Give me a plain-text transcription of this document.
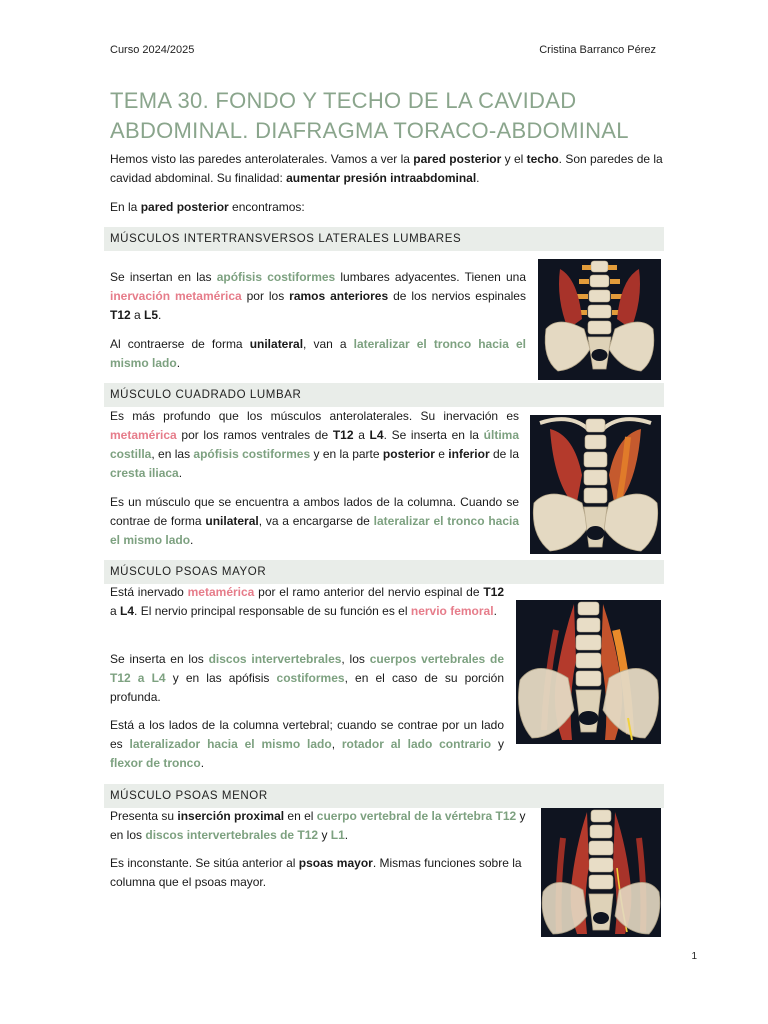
Curso 2024/2025	Cristina Barranco Pérez
TEMA 30. FONDO Y TECHO DE LA CAVIDAD
ABDOMINAL. DIAFRAGMA TORACO-ABDOMINAL
Hemos visto las paredes anterolaterales. Vamos a ver la pared posterior y el techo. Son paredes de la cavidad abdominal. Su finalidad: aumentar presión intraabdominal.
En la pared posterior encontramos:
MÚSCULOS INTERTRANSVERSOS LATERALES LUMBARES
Se insertan en las apófisis costiformes lumbares adyacentes. Tienen una inervación metamérica por los ramos anteriores de los nervios espinales T12 a L5.
Al contraerse de forma unilateral, van a lateralizar el tronco hacia el mismo lado.
MÚSCULO CUADRADO LUMBAR
Es más profundo que los músculos anterolaterales. Su inervación es metamérica por los ramos ventrales de T12 a L4. Se inserta en la última costilla, en las apófisis costiformes y en la parte posterior e inferior de la cresta iliaca.
Es un músculo que se encuentra a ambos lados de la columna. Cuando se contrae de forma unilateral, va a encargarse de lateralizar el tronco hacia el mismo lado.
MÚSCULO PSOAS MAYOR
Está inervado metamérica por el ramo anterior del nervio espinal de T12 a L4. El nervio principal responsable de su función es el nervio femoral.
Se inserta en los discos intervertebrales, los cuerpos vertebrales de T12 a L4 y en las apófisis costiformes, en el caso de su porción profunda.
Está a los lados de la columna vertebral; cuando se contrae por un lado es lateralizador hacia el mismo lado, rotador al lado contrario y flexor de tronco.
MÚSCULO PSOAS MENOR
Presenta su inserción proximal en el cuerpo vertebral de la vértebra T12 y en los discos intervertebrales de T12 y L1.
Es inconstante. Se sitúa anterior al psoas mayor. Mismas funciones sobre la columna que el psoas mayor.
1
